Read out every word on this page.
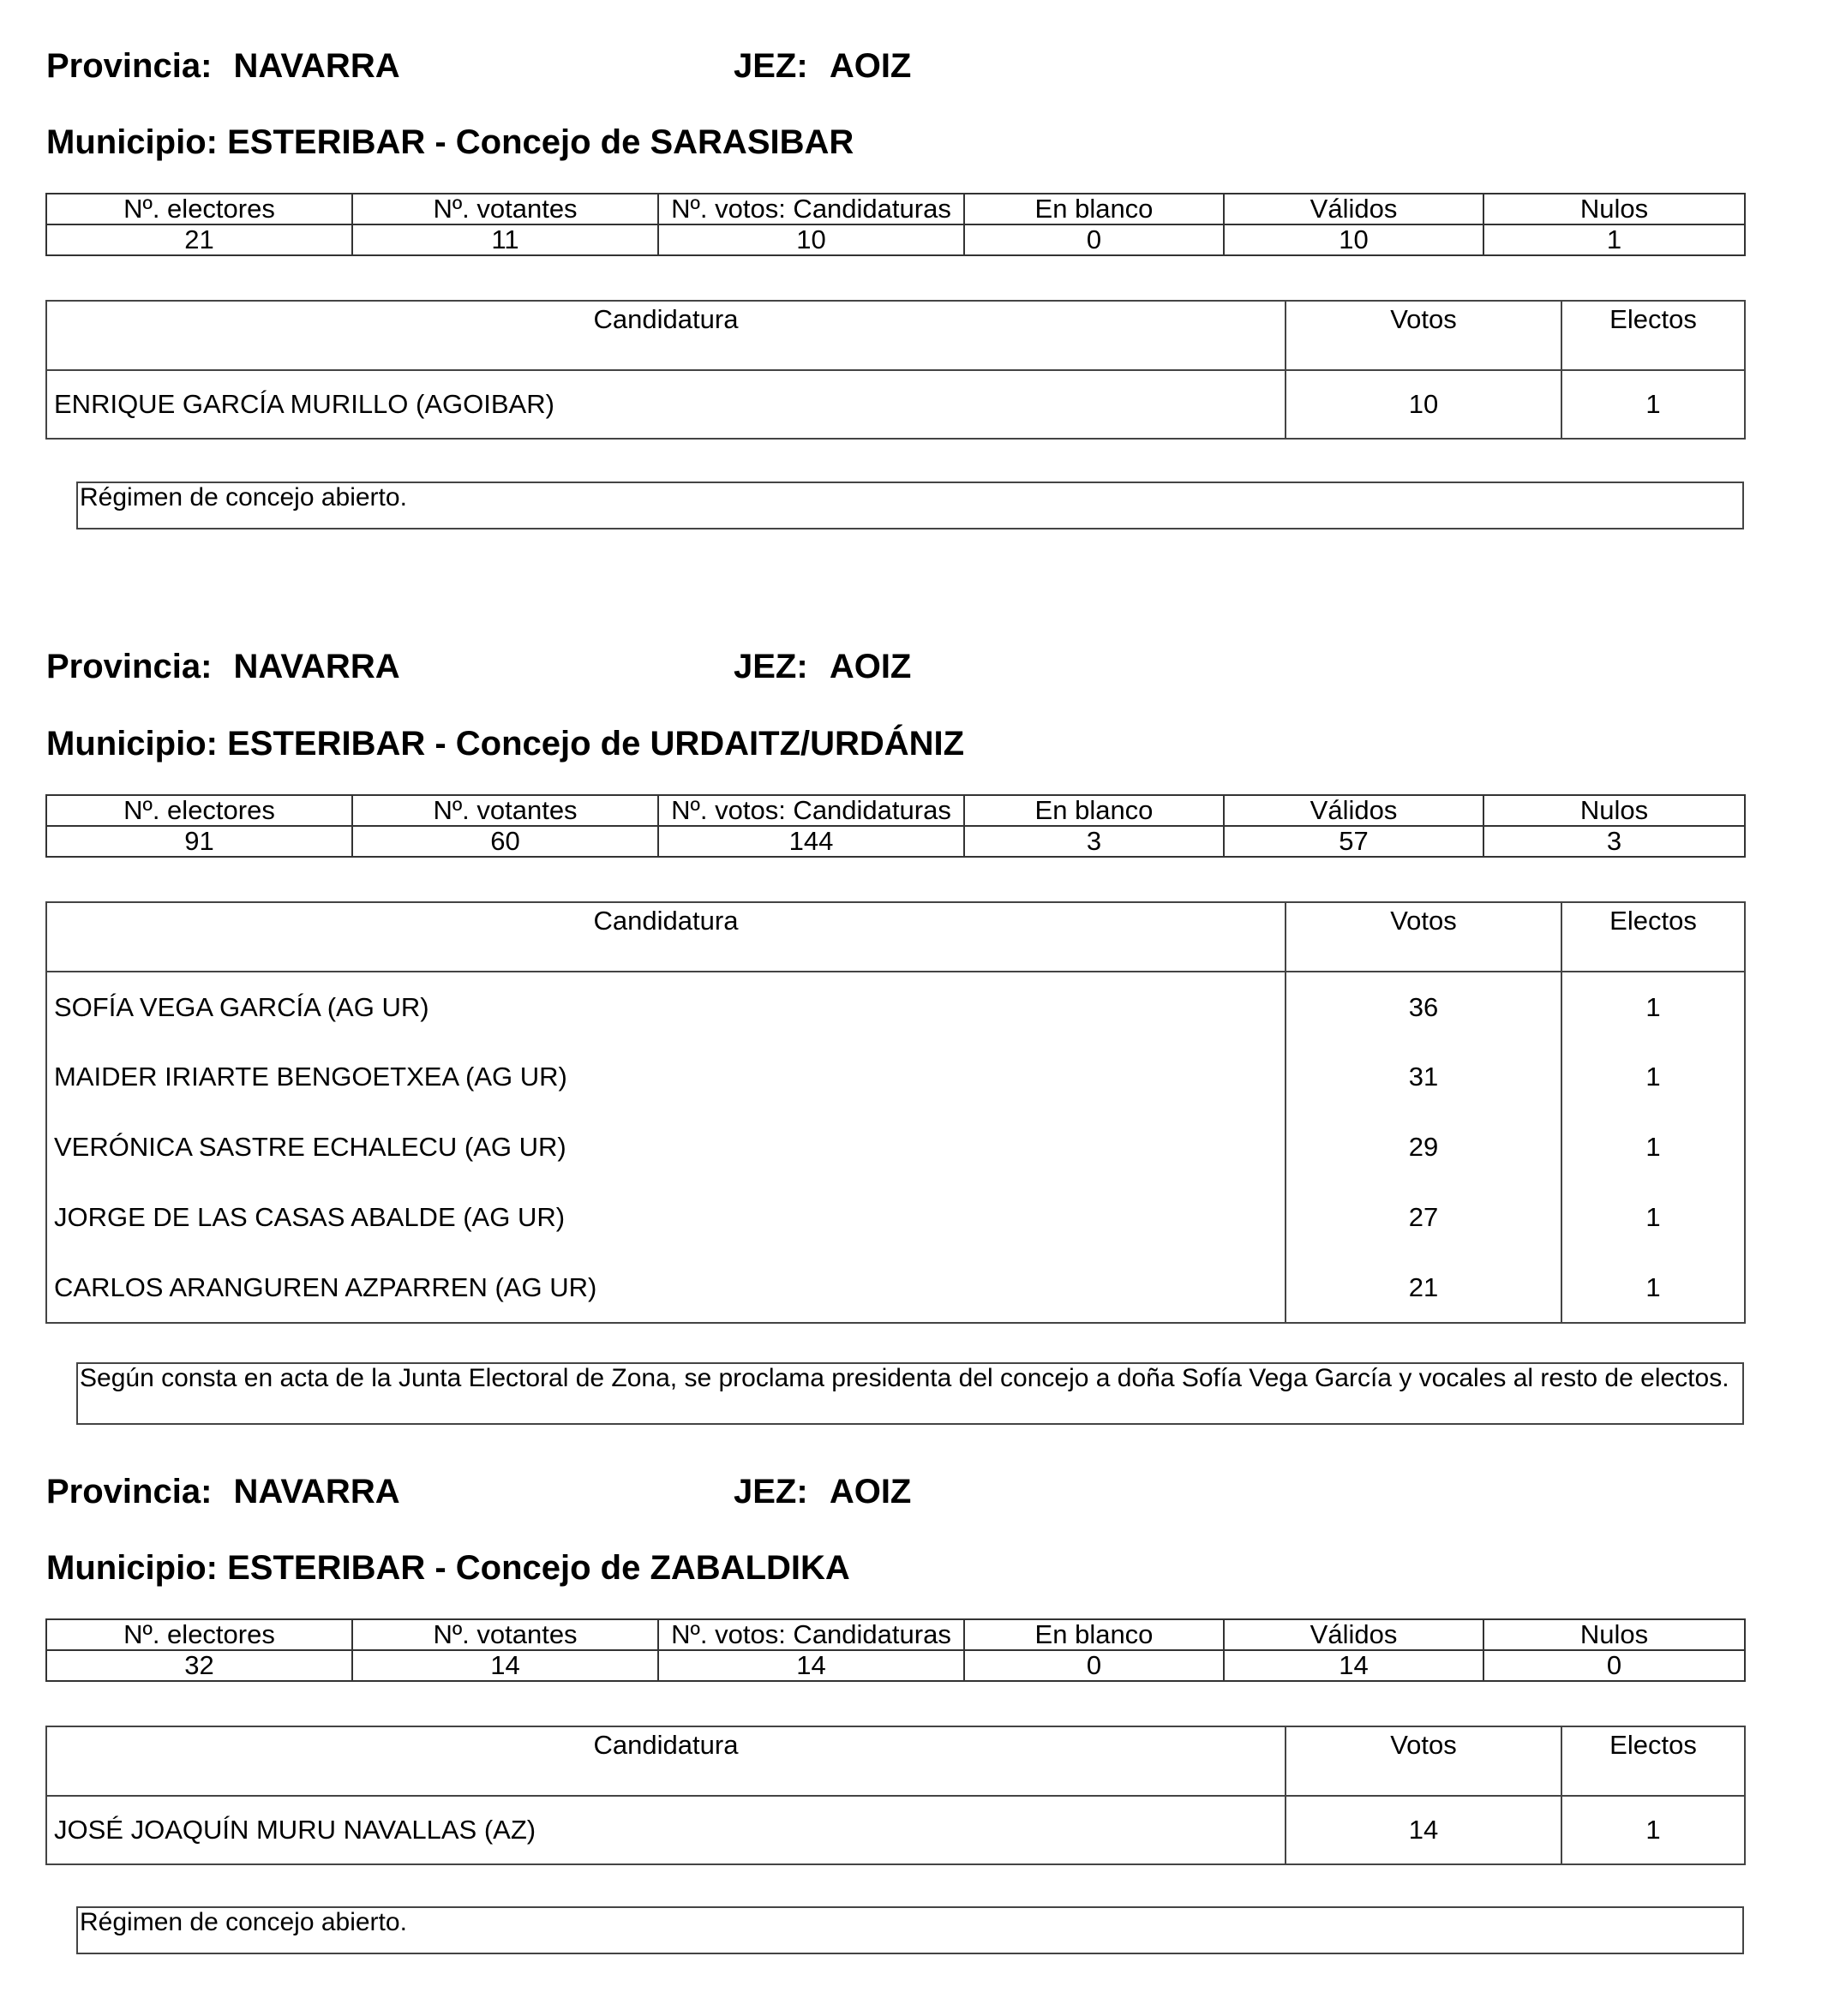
Provincia: NAVARRA	JEZ: AOIZ
Municipio: ESTERIBAR - Concejo de SARASIBAR
Nº. electores	Nº. votantes	Nº. votos: Candidaturas	En blanco	Válidos	Nulos
21	11	10	0	10	1
Candidatura	Votos	Electos
ENRIQUE GARCÍA MURILLO (AGOIBAR)	10	1
Régimen de concejo abierto.
Provincia: NAVARRA	JEZ: AOIZ
Municipio: ESTERIBAR - Concejo de URDAITZ/URDÁNIZ
Nº. electores	Nº. votantes	Nº. votos: Candidaturas	En blanco	Válidos	Nulos
91	60	144	3	57	3
Candidatura	Votos	Electos
SOFÍA VEGA GARCÍA (AG UR)	36	1
MAIDER IRIARTE BENGOETXEA (AG UR)	31	1
VERÓNICA SASTRE ECHALECU (AG UR)	29	1
JORGE DE LAS CASAS ABALDE (AG UR)	27	1
CARLOS ARANGUREN AZPARREN (AG UR)	21	1
Según consta en acta de la Junta Electoral de Zona, se proclama presidenta del concejo a doña Sofía Vega García y vocales al resto de electos.
Provincia: NAVARRA	JEZ: AOIZ
Municipio: ESTERIBAR - Concejo de ZABALDIKA
Nº. electores	Nº. votantes	Nº. votos: Candidaturas	En blanco	Válidos	Nulos
32	14	14	0	14	0
Candidatura	Votos	Electos
JOSÉ JOAQUÍN MURU NAVALLAS (AZ)	14	1
Régimen de concejo abierto.
